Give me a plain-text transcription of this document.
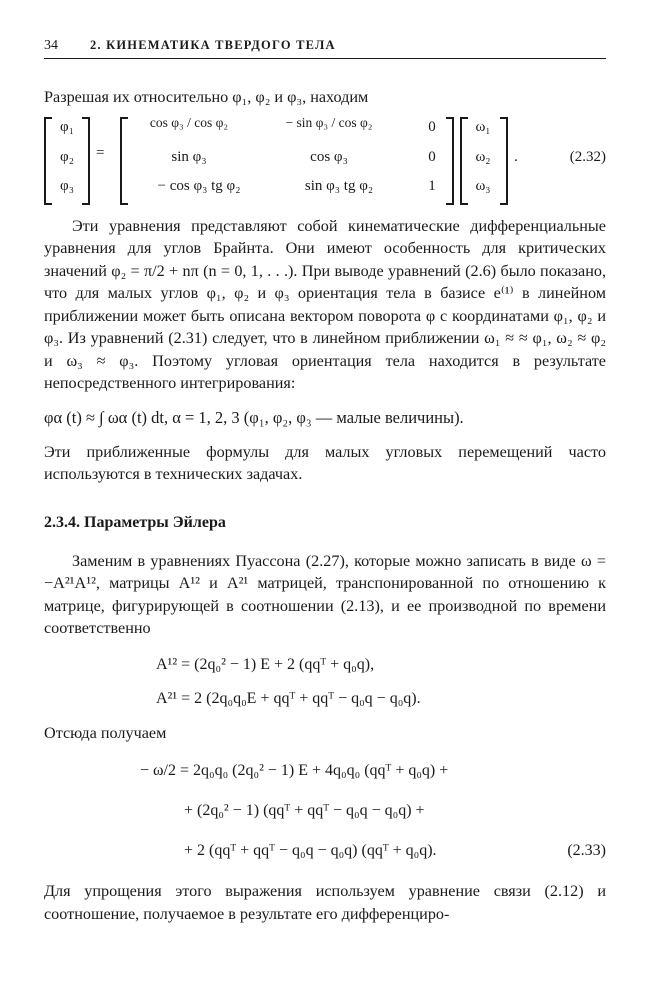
34	2. КИНЕМАТИКА ТВЕРДОГО ТЕЛА
Разрешая их относительно φ₁, φ₂ и φ₃, находим
φ₁
φ₂
φ₃
=
cos φ₃ / cos φ₂	− sin φ₃ / cos φ₂	0
sin φ₃	cos φ₃	0
− cos φ₃ tg φ₂	sin φ₃ tg φ₂	1
ω₁
ω₂
ω₃
.	(2.32)
Эти уравнения представляют собой кинематические дифференциальные уравнения для углов Брайнта. Они имеют особенность для критических значений φ₂ = π/2 + nπ (n = 0, 1, . . .). При выводе уравнений (2.6) было показано, что для малых углов φ₁, φ₂ и φ₃ ориентация тела в базисе e⁽¹⁾ в линейном приближении может быть описана вектором поворота φ с координатами φ₁, φ₂ и φ₃. Из уравнений (2.31) следует, что в линейном приближении ω₁ ≈ ≈ φ₁, ω₂ ≈ φ₂ и ω₃ ≈ φ₃. Поэтому угловая ориентация тела находится в результате непосредственного интегрирования:
φα (t) ≈ ∫ ωα (t) dt, α = 1, 2, 3 (φ₁, φ₂, φ₃ — малые величины).
Эти приближенные формулы для малых угловых перемещений часто используются в технических задачах.
2.3.4. Параметры Эйлера
Заменим в уравнениях Пуассона (2.27), которые можно записать в виде ω = −A²¹A¹², матрицы A¹² и A²¹ матрицей, транспонированной по отношению к матрице, фигурирующей в соотношении (2.13), и ее производной по времени соответственно
A¹² = (2q₀² − 1) E + 2 (qqᵀ + q₀q),
A²¹ = 2 (2q₀q₀E + qqᵀ + qqᵀ − q₀q − q₀q).
Отсюда получаем
− ω/2 = 2q₀q₀ (2q₀² − 1) E + 4q₀q₀ (qqᵀ + q₀q) +
+ (2q₀² − 1) (qqᵀ + qqᵀ − q₀q − q₀q) +
+ 2 (qqᵀ + qqᵀ − q₀q − q₀q) (qqᵀ + q₀q).	(2.33)
Для упрощения этого выражения используем уравнение связи (2.12) и соотношение, получаемое в результате его дифференциро-
